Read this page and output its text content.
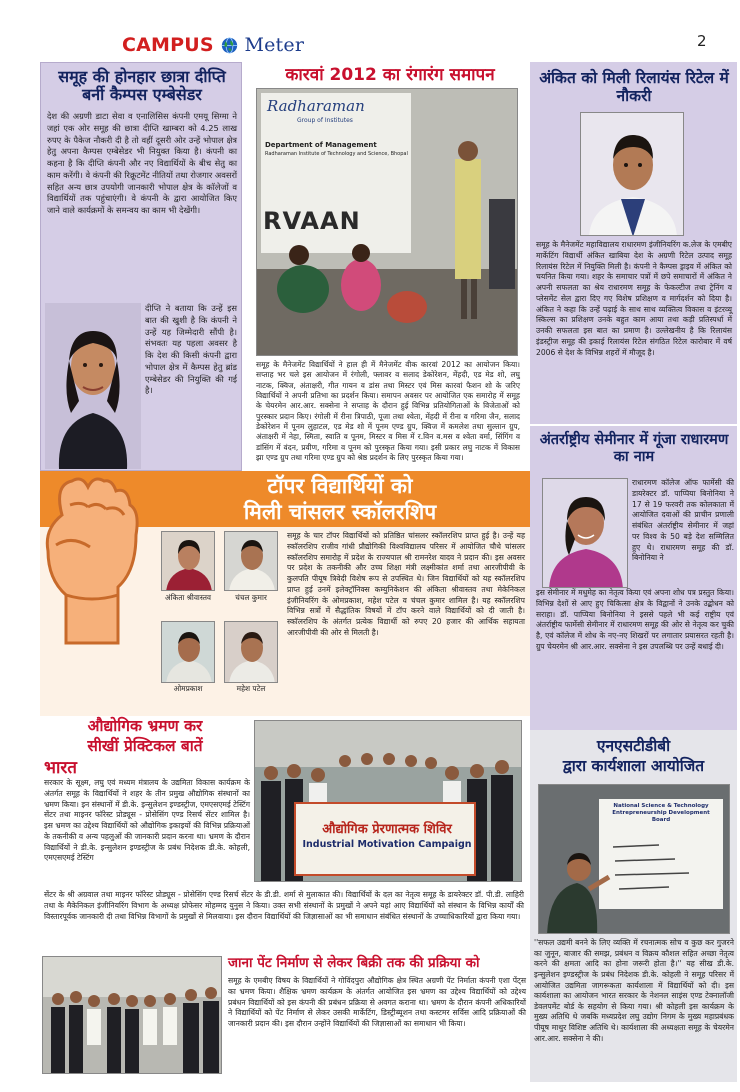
CAMPUS Meter	2
समूह की होनहार छात्रा दीप्ति बर्नी कैम्पस एम्बेसेडर
देश की अग्रणी डाटा सेवा व एनालिसिस कंपनी एमयू सिग्मा ने जहां एक ओर समूह की छात्रा दीप्ति खाम्बरा को 4.25 लाख रुपए के पैकेज नौकरी दी है तो वहीं दूसरी ओर उन्हें भोपाल क्षेत्र हेतु अपना कैम्पस एम्बेसेडर भी नियुक्त किया है। कंपनी का कहना है कि दीप्ति कंपनी और नए विद्यार्थियों के बीच सेतु का काम करेंगी। वे कंपनी की रिक्रूटमेंट नीतियों तथा रोजगार अवसरों सहित अन्य छात्र उपयोगी जानकारी भोपाल क्षेत्र के कॉलेजों व विद्यार्थियों तक पहुंचाएंगी। वे कंपनी के द्वारा आयोजित किए जाने वाले कार्यक्रमों के समन्वय का काम भी देखेंगी।
दीप्ति ने बताया कि उन्हें इस बात की खुशी है कि कंपनी ने उन्हें यह जिम्मेदारी सौंपी है। संभवतः यह पहला अवसर है कि देश की किसी कंपनी द्वारा भोपाल क्षेत्र में कैम्पस हेतु ब्रांड एम्बेसेडर की नियुक्ति की गई है।
कारवां 2012 का रंगारंग समापन
Radharaman
Group of Institutes
Department of Management
Radharaman Institute of Technology and Science, Bhopal
RVAAN
समूह के मैनेजमेंट विद्यार्थियों ने हाल ही में मैनेजमेंट वीक कारवां 2012 का आयोजन किया। सप्ताह भर चले इस आयोजन में रंगोली, फ्लावर व सलाद डेकोरेशन, मेंहदी, एड मेड शो, लघु नाटक, क्विज, अंताक्षरी, गीत गायन व डांस तथा मिस्टर एवं मिस कारवां फैशन शो के जरिए विद्यार्थियों ने अपनी प्रतिभा का प्रदर्शन किया। समापन अवसर पर आयोजित एक समारोह में समूह के चेयरमेन आर.आर. सक्सेना ने सप्ताह के दौरान हुई विभिन्न प्रतियोगिताओं के विजेताओं को पुरस्कार प्रदान किए। रंगोली में रीना त्रिपाठी, पूजा तथा श्वेता, मेंहदी में रीना व गरिमा जैन, सलाद डेकोरेशन में पूनम लुहाटल, एड मेड शो में पूनम एण्ड ग्रुप, क्विज में कमलेश तथा सुल्तान ग्रुप, अंताक्षरी में नेहा, स्मिता, स्वाति व पूनम, मिस्टर व मिस में र.विन व.मस व श्वेता वर्मा, सिंगिंग व डांसिंग में वंदन, प्रवीण, गरिमा व पूनम को पुरस्कृत किया गया। इसी प्रकार लघु नाटक में विकास झा एण्ड ग्रुप तथा गरिमा एण्ड ग्रुप को श्रेष्ठ प्रदर्शन के लिए पुरस्कृत किया गया।
अंकित को मिली रिलायंस रिटेल में नौकरी
समूह के मैनेजमेंट महाविद्यालय राधारमण इंजीनियरिंग क.लेज के एमबीए मार्केटिंग विद्यार्थी अंकित खाबिया देश के अग्रणी रिटेल उत्पाद समूह रिलायंस रिटेल में नियुक्ति मिली है। कंपनी ने कैम्पस ड्राइव में अंकित को चयनित किया गया। शहर के समाचार पत्रों में छपे समाचारों में अंकित ने अपनी सफलता का श्रेय राधारमण समूह के फेकल्टीज तथा ट्रेनिंग व प्लेसमेंट सेल द्वारा दिए गए विशेष प्रशिक्षण व मार्गदर्शन को दिया है। अंकित ने कहा कि उन्हें पढ़ाई के साथ साथ व्यक्तित्व विकास व इंटरव्यू स्किल्स का प्रशिक्षण उनके बहुत काम आया तथा कड़ी प्रतिस्पर्धा में उनकी सफलता इस बात का प्रमाण है। उल्लेखनीय है कि रिलायंस इंडस्ट्रीज समूह की इकाई रिलायंस रिटेल संगठित रिटेल कारोबार में वर्ष 2006 से देश के विभिन्न शहरों में मौजूद है।
अंतर्राष्ट्रीय सेमीनार में गूंजा राधारमण का नाम
राधारमण कॉलेज ऑफ फार्मेसी की डायरेक्टर डॉ. पाप्पिया बिनोनिया ने 17 से 19 फरवरी तक कोलकाता में आयोजित दवाओं की प्राचीन प्रणाली संबंधित अंतर्राष्ट्रीय सेमीनार में जहां पर विश्व के 50 बड़े देश सम्मिलित हुए थे। राधारमण समूह की डॉ. बिनोनिया ने
इस सेमीनार में मधुमेह का नेतृत्व किया एवं अपना शोध पत्र प्रस्तुत किया। विभिन्न देशों से आए हुए चिकित्सा क्षेत्र के विद्वानों ने उनके उद्बोधन को सराहा। डॉ. पाप्पिया बिनोनिया ने इससे पहले भी कई राष्ट्रीय एवं अंतर्राष्ट्रीय फार्मेसी सेमीनार में राधारमण समूह की ओर से नेतृत्व कर चुकी है, एवं कॉलेज में शोध के नए-नए शिखरों पर लगातार प्रयासरत रहती है। ग्रुप चेयरमेन श्री आर.आर. सक्सेना ने इस उपलब्धि पर उन्हें बधाई दी।
टॉपर विद्यार्थियों को
मिली चांसलर स्कॉलरशिप
अंकिता श्रीवास्तव	चंचल कुमार
ओमप्रकाश	महेश पटेल
समूह के चार टॉपर विद्यार्थियों को प्रतिष्ठित चांसलर स्कॉलरशिप प्राप्त हुई है। उन्हें यह स्कॉलरशिप राजीव गांधी प्रौद्योगिकी विश्वविद्यालय परिसर में आयोजित चौथे चांसलर स्कॉलरशिप समारोह में प्रदेश के राज्यपाल श्री रामनरेश यादव ने प्रदान की। इस अवसर पर प्रदेश के तकनीकी और उच्च शिक्षा मंत्री लक्ष्मीकांत शर्मा तथा आरजीपीवी के कुलपति पीयूष त्रिवेदी विशेष रूप से उपस्थित थे। जिन विद्यार्थियों को यह स्कॉलरशिप प्राप्त हुई उनमें इलेक्ट्रॉनिक्स कम्युनिकेशन की अंकिता श्रीवास्तव तथा मेकेनिकल इंजीनियरिंग के ओमप्रकाश, महेश पटेल व चंचल कुमार शामिल है। यह स्कॉलरशिप विभिन्न सत्रों में सैद्धांतिक विषयों में टॉप करने वाले विद्यार्थियों को दी जाती है। स्कॉलरशिप के अंतर्गत प्रत्येक विद्यार्थी को रुपए 20 हजार की आर्थिक सहायता आरजीपीवी की ओर से मिलती है।
औद्योगिक भ्रमण कर
सीखीं प्रेक्टिकल बातें
भारत
सरकार के सूक्ष्म, लघु एवं मध्यम मंत्रालय के उद्यमिता विकास कार्यक्रम के अंतर्गत समूह के विद्यार्थियों ने शहर के तीन प्रमुख औद्योगिक संस्थानों का भ्रमण किया। इन संस्थानों में डी.के. इन्सुलेशन इण्डस्ट्रीज, एमएसएमई टेस्टिंग सेंटर तथा माइनर फॉरेस्ट प्रोड्यूस - प्रोसेसिंग एण्ड रिसर्च सेंटर शामिल है। इस भ्रमण का उद्देश्य विद्यार्थियों को औद्योगिक इकाइयों की विभिन्न प्रक्रियाओं के तकनीकी व अन्य पहलुओं की जानकारी प्रदान करना था। भ्रमण के दौरान विद्यार्थियों ने डी.के. इन्सुलेशन इण्डस्ट्रीज के प्रबंध निदेशक डी.के. कोहली, एमएसएमई टेस्टिंग
औद्योगिक प्रेरणात्मक शिविर
Industrial Motivation Campaign
सेंटर के श्री अग्रवाल तथा माइनर फॉरेस्ट प्रोड्यूस - प्रोसेसिंग एण्ड रिसर्च सेंटर के डी.डी. शर्मा से मुलाकात की। विद्यार्थियों के दल का नेतृत्व समूह के डायरेक्टर डॉ. पी.डी. लाहिरी तथा के मैकेनिकल इंजीनियरिंग विभाग के अध्यक्ष प्रोफेसर मोहम्मद युनुस ने किया। उक्त सभी संस्थानों के प्रमुखों ने अपने यहां आए विद्यार्थियों को संस्थान के विभिन्न कार्यों की विस्तारपूर्वक जानकारी दी तथा विभिन्न विभागों के प्रमुखों से मिलवाया। इस दौरान विद्यार्थियों की जिज्ञासाओं का भी समाधान संबंधित संस्थानों के उच्चाधिकारियों द्वारा किया गया।
एनएसटीडीबी
द्वारा कार्यशाला आयोजित
National Science & Technology Entrepreneurship Development Board
''सफल उद्यमी बनने के लिए व्यक्ति में रचनात्मक सोच व कुछ कर गुजरने का जुनून, बाजार की समझ, प्रबंधन व विक्रय कौशल सहित अच्छा नेतृत्व करने की क्षमता आदि का होना जरूरी होता है।'' यह सीख डी.के. इन्सुलेशन इण्डस्ट्रीज के प्रबंध निदेशक डी.के. कोहली ने समूह परिसर में आयोजित उद्यमिता जागरूकता कार्यशाला में विद्यार्थियों को दी। इस कार्यशाला का आयोजन भारत सरकार के नेशनल साइंस एण्ड टेक्नालॉजी डेवलपमेंट बोर्ड के सहयोग से किया गया। श्री कोहली इस कार्यक्रम के मुख्य अतिथि थे जबकि मध्यप्रदेश लघु उद्योग निगम के मुख्य महाप्रबंधक पीयूष माथुर विशिष्ट अतिथि थे। कार्यशाला की अध्यक्षता समूह के चेयरमेन आर.आर. सक्सेना ने की।
जाना पेंट निर्माण से लेकर बिक्री तक की प्रक्रिया को
समूह के एमबीए विषय के विद्यार्थियों ने गोविंदपुरा औद्योगिक क्षेत्र स्थित अग्रणी पेंट निर्माता कंपनी एशा पेंट्स का भ्रमण किया। शैक्षिक भ्रमण कार्यक्रम के अंतर्गत आयोजित इस भ्रमण का उद्देश्य विद्यार्थियों को उद्देश्य प्रबंधन विद्यार्थियों को इस कंपनी की प्रबंधन प्रक्रिया से अवगत कराना था। भ्रमण के दौरान कंपनी अधिकारियों ने विद्यार्थियों को पेंट निर्माण से लेकर उसकी मार्केटिंग, डिस्ट्रीब्यूशन तथा कस्टमर सर्विस आदि प्रक्रियाओं की जानकारी प्रदान की। इस दौरान उन्होंने विद्यार्थियों की जिज्ञासाओं का समाधान भी किया।
